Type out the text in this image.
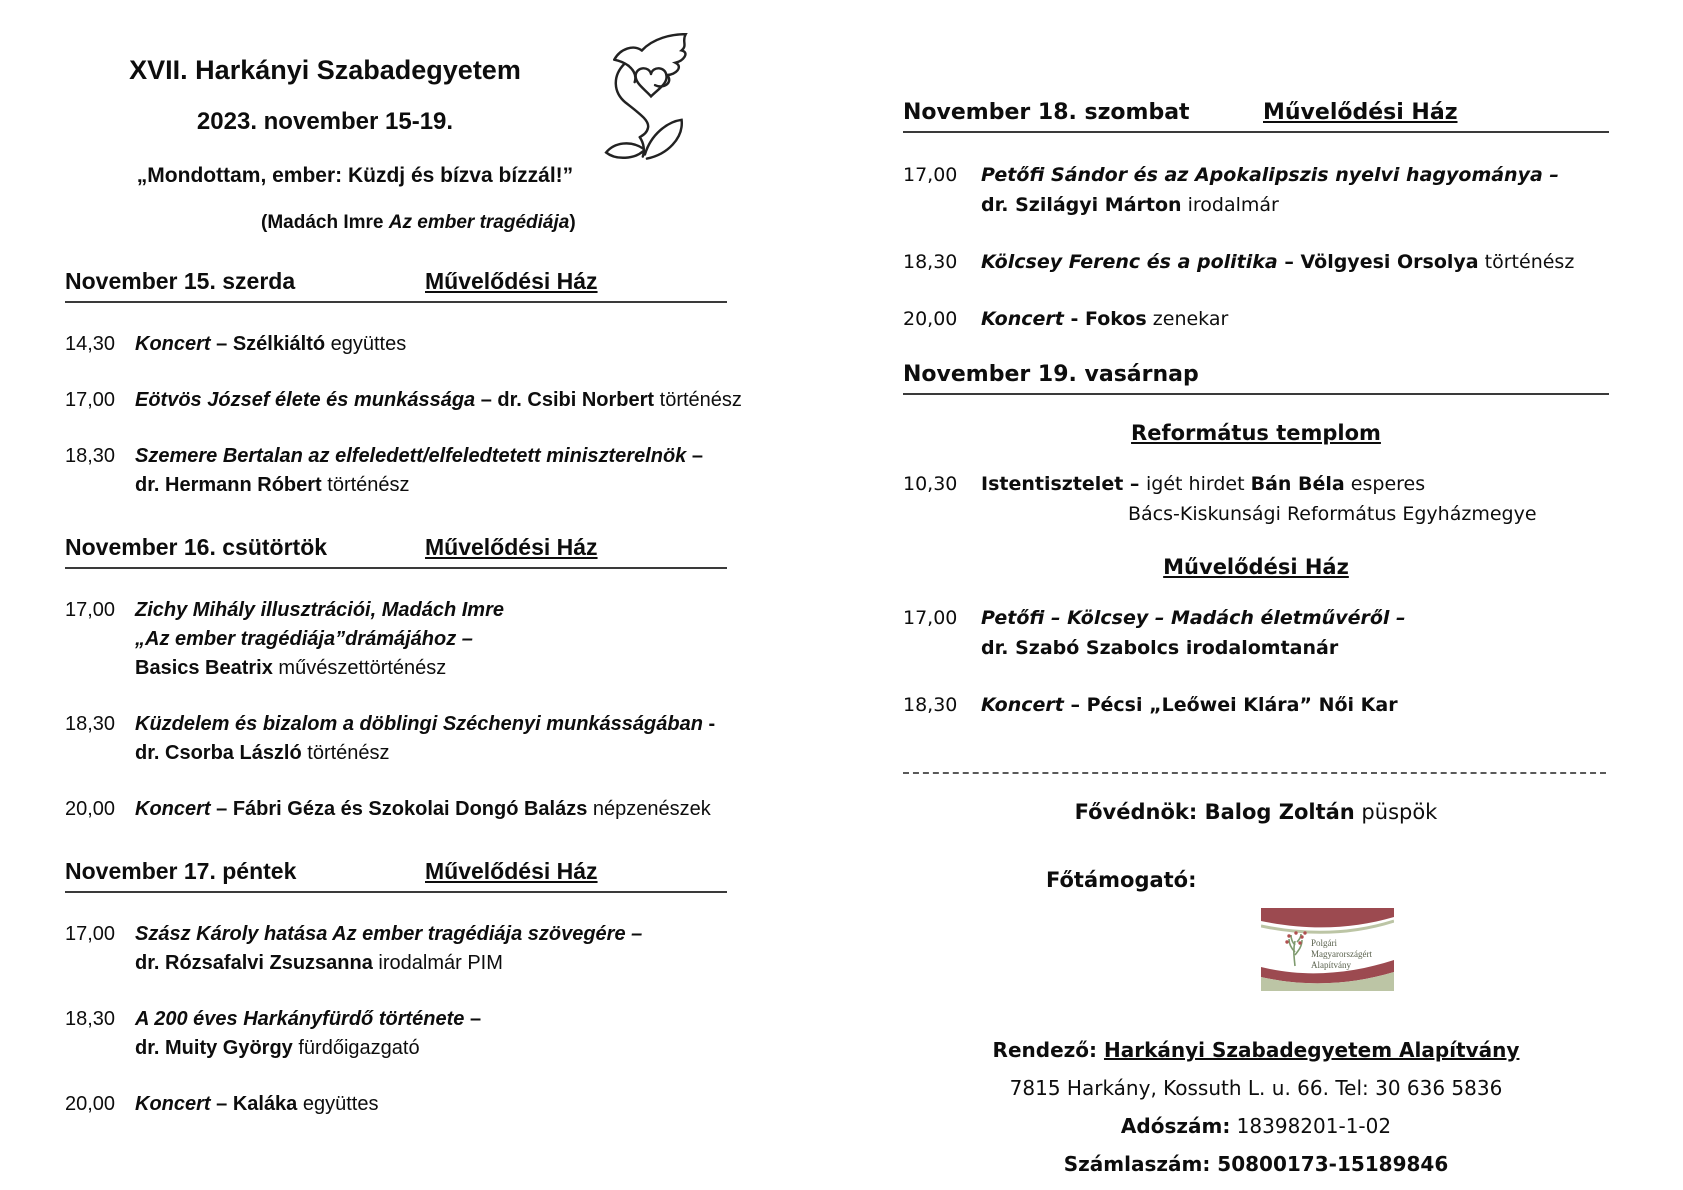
XVII. Harkányi Szabadegyetem
2023. november 15-19.
„Mondottam, ember: Küzdj és bízva bízzál!”
(Madách Imre Az ember tragédiája)
November 15. szerda	Művelődési Ház
14,30 Koncert – Szélkiáltó együttes
17,00 Eötvös József élete és munkássága – dr. Csibi Norbert történész
18,30 Szemere Bertalan az elfeledett/elfeledtetett miniszterelnök –
dr. Hermann Róbert történész
November 16. csütörtök	Művelődési Ház
17,00 Zichy Mihály illusztrációi, Madách Imre
„Az ember tragédiája”drámájához –
Basics Beatrix művészettörténész
18,30 Küzdelem és bizalom a döblingi Széchenyi munkásságában -
dr. Csorba László történész
20,00 Koncert – Fábri Géza és Szokolai Dongó Balázs népzenészek
November 17. péntek	Művelődési Ház
17,00 Szász Károly hatása Az ember tragédiája szövegére –
dr. Rózsafalvi Zsuzsanna irodalmár PIM
18,30 A 200 éves Harkányfürdő története –
dr. Muity György fürdőigazgató
20,00 Koncert – Kaláka együttes
November 18. szombat	Művelődési Ház
17,00	Petőfi Sándor és az Apokalipszis nyelvi hagyománya –
dr. Szilágyi Márton irodalmár
18,30	Kölcsey Ferenc és a politika – Völgyesi Orsolya történész
20,00	Koncert - Fokos zenekar
November 19. vasárnap
Református templom
10,30	Istentisztelet – igét hirdet Bán Béla esperes
Bács-Kiskunsági Református Egyházmegye
Művelődési Ház
17,00	Petőfi – Kölcsey – Madách életművéről –
dr. Szabó Szabolcs irodalomtanár
18,30	Koncert – Pécsi „Leőwei Klára” Női Kar
Fővédnök: Balog Zoltán püspök
Főtámogató:
Polgári
Magyarországért
Alapítvány
Rendező: Harkányi Szabadegyetem Alapítvány
7815 Harkány, Kossuth L. u. 66. Tel: 30 636 5836
Adószám: 18398201-1-02
Számlaszám: 50800173-15189846
